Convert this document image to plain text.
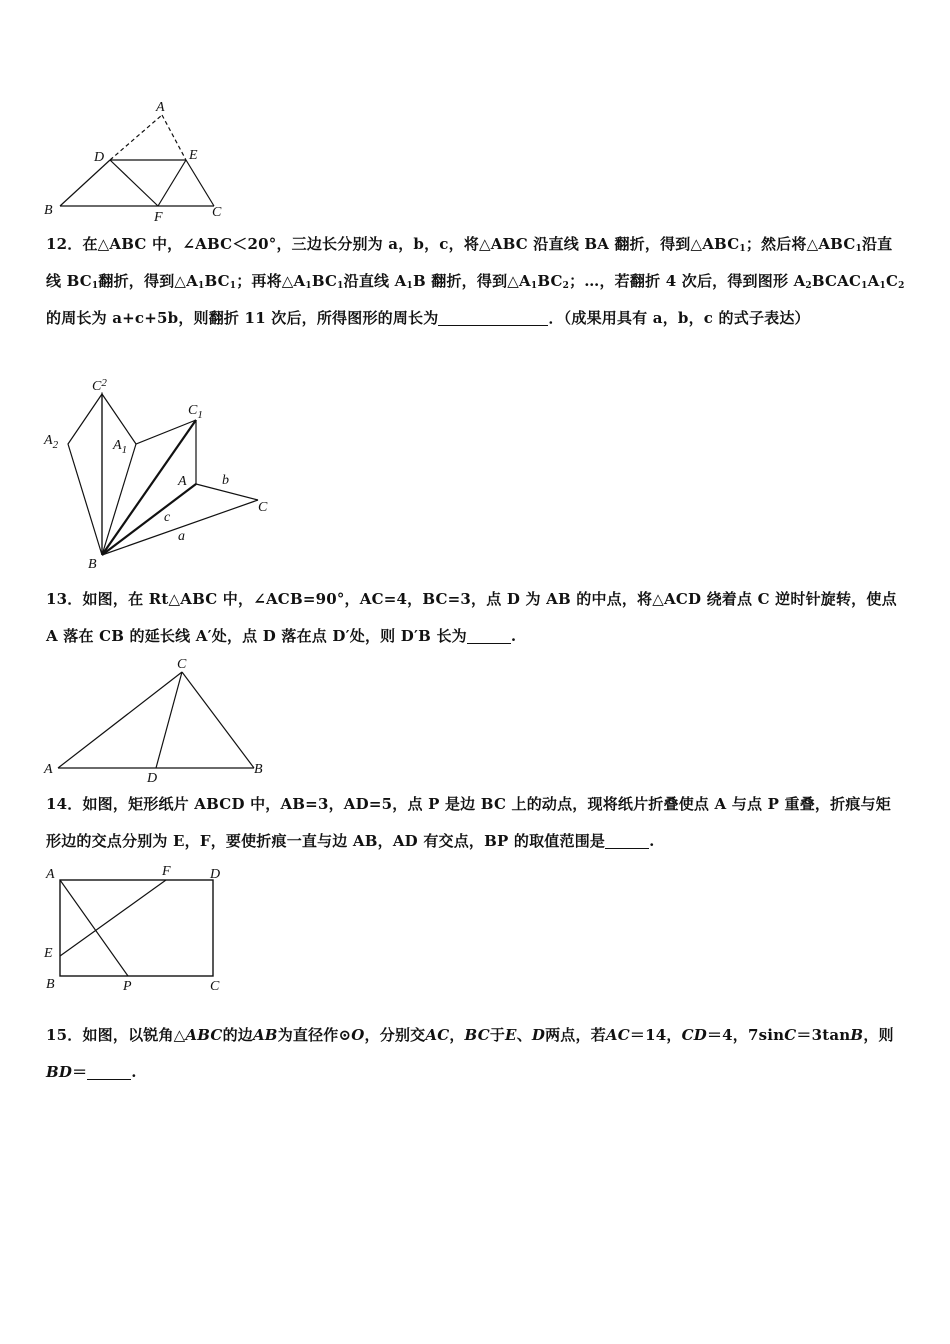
A
D	E
B	F	C
12．在△ABC 中，∠ABC＜20°，三边长分别为 a，b，c，将△ABC 沿直线 BA 翻折，得到$\triangle ABC_1$；然后将$\triangle ABC_1$沿直线 $BC_1$翻折，得到$\triangle A_1BC_1$；再将$\triangle A_1BC_1$沿直线 $A_1B$ 翻折，得到$\triangle A_1BC_2$；…，若翻折 4 次后，得到图形 $A_2BCAC_1A_1C_2$的周长为 a+c+5b，则翻折 11 次后，所得图形的周长为	．（成果用具有 a，b，c 的式子表达）
$C^2$
$C_1$
$A_2$	$A_1$
A	b
C
c
a
B
13．如图，在 Rt△ABC 中，∠ACB=90°，AC=4，BC=3，点 D 为 AB 的中点，将△ACD 绕着点 C 逆时针旋转，使点 A 落在 CB 的延长线 A′处，点 D 落在点 D′处，则 D′B 长为	.
C
A
D
B
14．如图，矩形纸片 ABCD 中，AB=3，AD=5，点 P 是边 BC 上的动点，现将纸片折叠使点 A 与点 P 重叠，折痕与矩形边的交点分别为 E，F，要使折痕一直与边 AB，AD 有交点，BP 的取值范围是	.
A	F	D
E
B	P	C
15．如图，以锐角△ABC的边AB为直径作⊙O，分别交AC，BC于E、D两点，若AC＝14，CD＝4，7sinC＝3tanB，则BD＝	.
